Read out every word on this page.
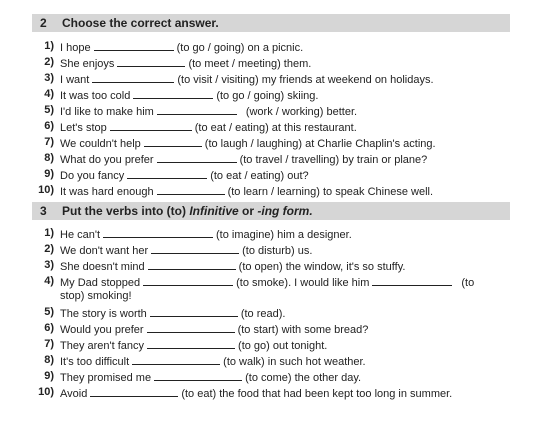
2 Choose the correct answer.
1) I hope	(to go / going) on a picnic.
2) She enjoys	(to meet / meeting) them.
3) I want	(to visit / visiting) my friends at weekend on holidays.
4) It was too cold	(to go / going) skiing.
5) I'd like to make him	(work / working) better.
6) Let's stop	(to eat / eating) at this restaurant.
7) We couldn't help	(to laugh / laughing) at Charlie Chaplin's acting.
8) What do you prefer	(to travel / travelling) by train or plane?
9) Do you fancy	(to eat / eating) out?
10) It was hard enough	(to learn / learning) to speak Chinese well.
3 Put the verbs into (to) Infinitive or -ing form.
1) He can't	(to imagine) him a designer.
2) We don't want her	(to disturb) us.
3) She doesn't mind	(to open) the window, it's so stuffy.
4) My Dad stopped	(to smoke). I would like him	(to
stop) smoking!
5) The story is worth	(to read).
6) Would you prefer	(to start) with some bread?
7) They aren't fancy	(to go) out tonight.
8) It's too difficult	(to walk) in such hot weather.
9) They promised me	(to come) the other day.
10) Avoid	(to eat) the food that had been kept too long in summer.
